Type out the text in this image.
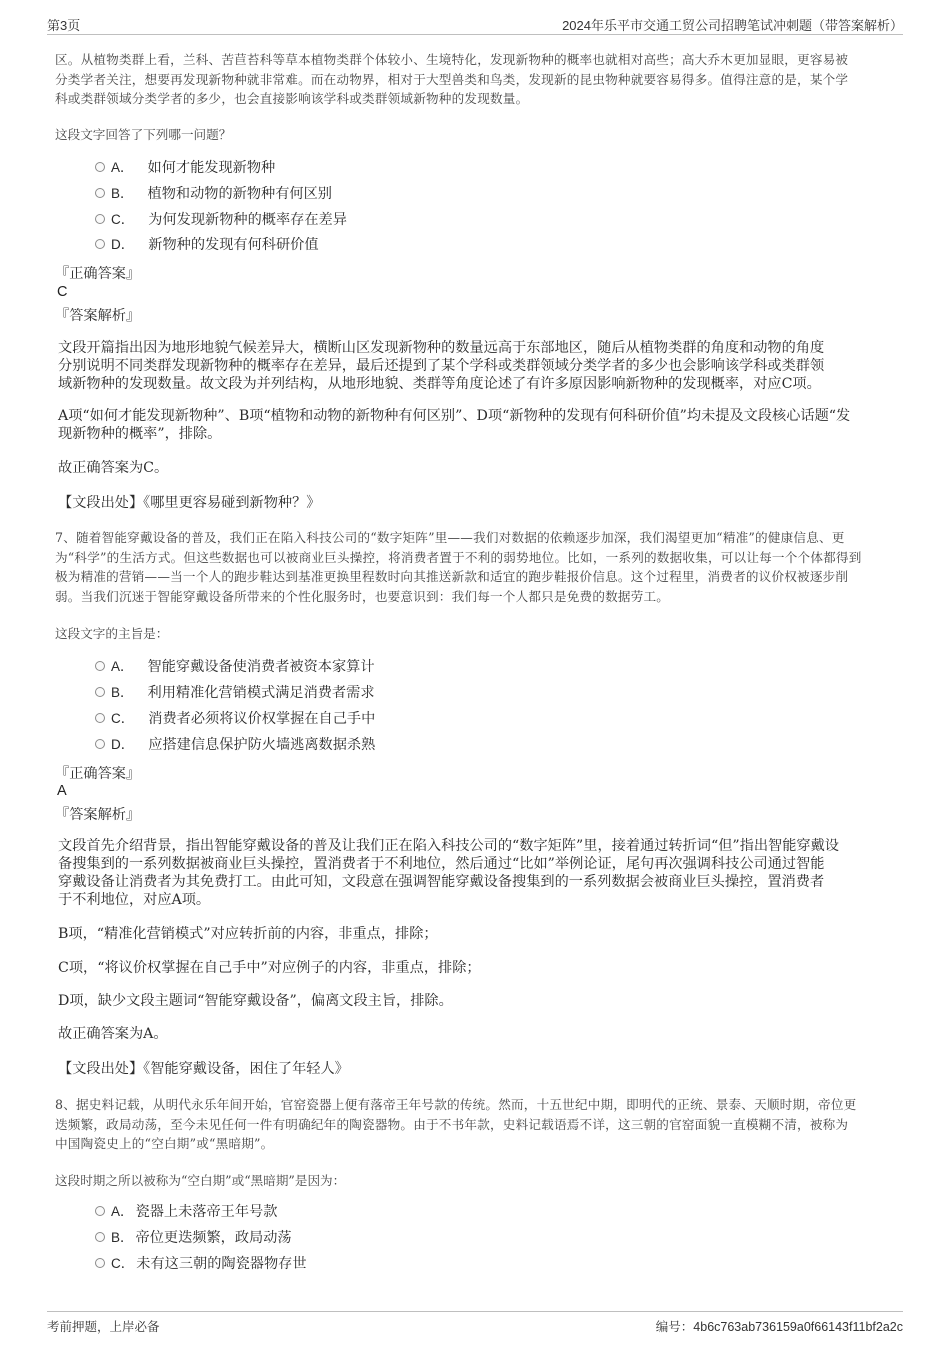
第3页	2024年乐平市交通工贸公司招聘笔试冲刺题（带答案解析）
区。从植物类群上看，兰科、苦苣苔科等草本植物类群个体较小、生境特化，发现新物种的概率也就相对高些；高大乔木更加显眼，更容易被
分类学者关注，想要再发现新物种就非常难。而在动物界，相对于大型兽类和鸟类，发现新的昆虫物种就要容易得多。值得注意的是，某个学
科或类群领域分类学者的多少，也会直接影响该学科或类群领域新物种的发现数量。
这段文字回答了下列哪一问题？
A． 如何才能发现新物种
B． 植物和动物的新物种有何区别
C． 为何发现新物种的概率存在差异
D． 新物种的发现有何科研价值
『正确答案』
C
『答案解析』
文段开篇指出因为地形地貌气候差异大，横断山区发现新物种的数量远高于东部地区，随后从植物类群的角度和动物的角度
分别说明不同类群发现新物种的概率存在差异，最后还提到了某个学科或类群领域分类学者的多少也会影响该学科或类群领
域新物种的发现数量。故文段为并列结构，从地形地貌、类群等角度论述了有许多原因影响新物种的发现概率，对应C项。
A项“如何才能发现新物种”、B项“植物和动物的新物种有何区别”、D项“新物种的发现有何科研价值”均未提及文段核心话题“发
现新物种的概率”，排除。
故正确答案为C。
【文段出处】《哪里更容易碰到新物种？》
7、随着智能穿戴设备的普及，我们正在陷入科技公司的“数字矩阵”里——我们对数据的依赖逐步加深，我们渴望更加“精准”的健康信息、更
为“科学”的生活方式。但这些数据也可以被商业巨头操控，将消费者置于不利的弱势地位。比如，一系列的数据收集，可以让每一个个体都得到
极为精准的营销——当一个人的跑步鞋达到基准更换里程数时向其推送新款和适宜的跑步鞋报价信息。这个过程里，消费者的议价权被逐步削
弱。当我们沉迷于智能穿戴设备所带来的个性化服务时，也要意识到：我们每一个人都只是免费的数据劳工。
这段文字的主旨是：
A． 智能穿戴设备使消费者被资本家算计
B． 利用精准化营销模式满足消费者需求
C． 消费者必须将议价权掌握在自己手中
D． 应搭建信息保护防火墙逃离数据杀熟
『正确答案』
A
『答案解析』
文段首先介绍背景，指出智能穿戴设备的普及让我们正在陷入科技公司的“数字矩阵”里，接着通过转折词“但”指出智能穿戴设
备搜集到的一系列数据被商业巨头操控，置消费者于不利地位，然后通过“比如”举例论证，尾句再次强调科技公司通过智能
穿戴设备让消费者为其免费打工。由此可知，文段意在强调智能穿戴设备搜集到的一系列数据会被商业巨头操控，置消费者
于不利地位，对应A项。
B项，“精准化营销模式”对应转折前的内容，非重点，排除；
C项，“将议价权掌握在自己手中”对应例子的内容，非重点，排除；
D项，缺少文段主题词“智能穿戴设备”，偏离文段主旨，排除。
故正确答案为A。
【文段出处】《智能穿戴设备，困住了年轻人》
8、据史料记载，从明代永乐年间开始，官窑瓷器上便有落帝王年号款的传统。然而，十五世纪中期，即明代的正统、景泰、天顺时期，帝位更
迭频繁，政局动荡，至今未见任何一件有明确纪年的陶瓷器物。由于不书年款，史料记载语焉不详，这三朝的官窑面貌一直模糊不清，被称为
中国陶瓷史上的“空白期”或“黑暗期”。
这段时期之所以被称为“空白期”或“黑暗期”是因为：
A． 瓷器上未落帝王年号款
B． 帝位更迭频繁，政局动荡
C． 未有这三朝的陶瓷器物存世
考前押题，上岸必备	编号：4b6c763ab736159a0f66143f11bf2a2c
